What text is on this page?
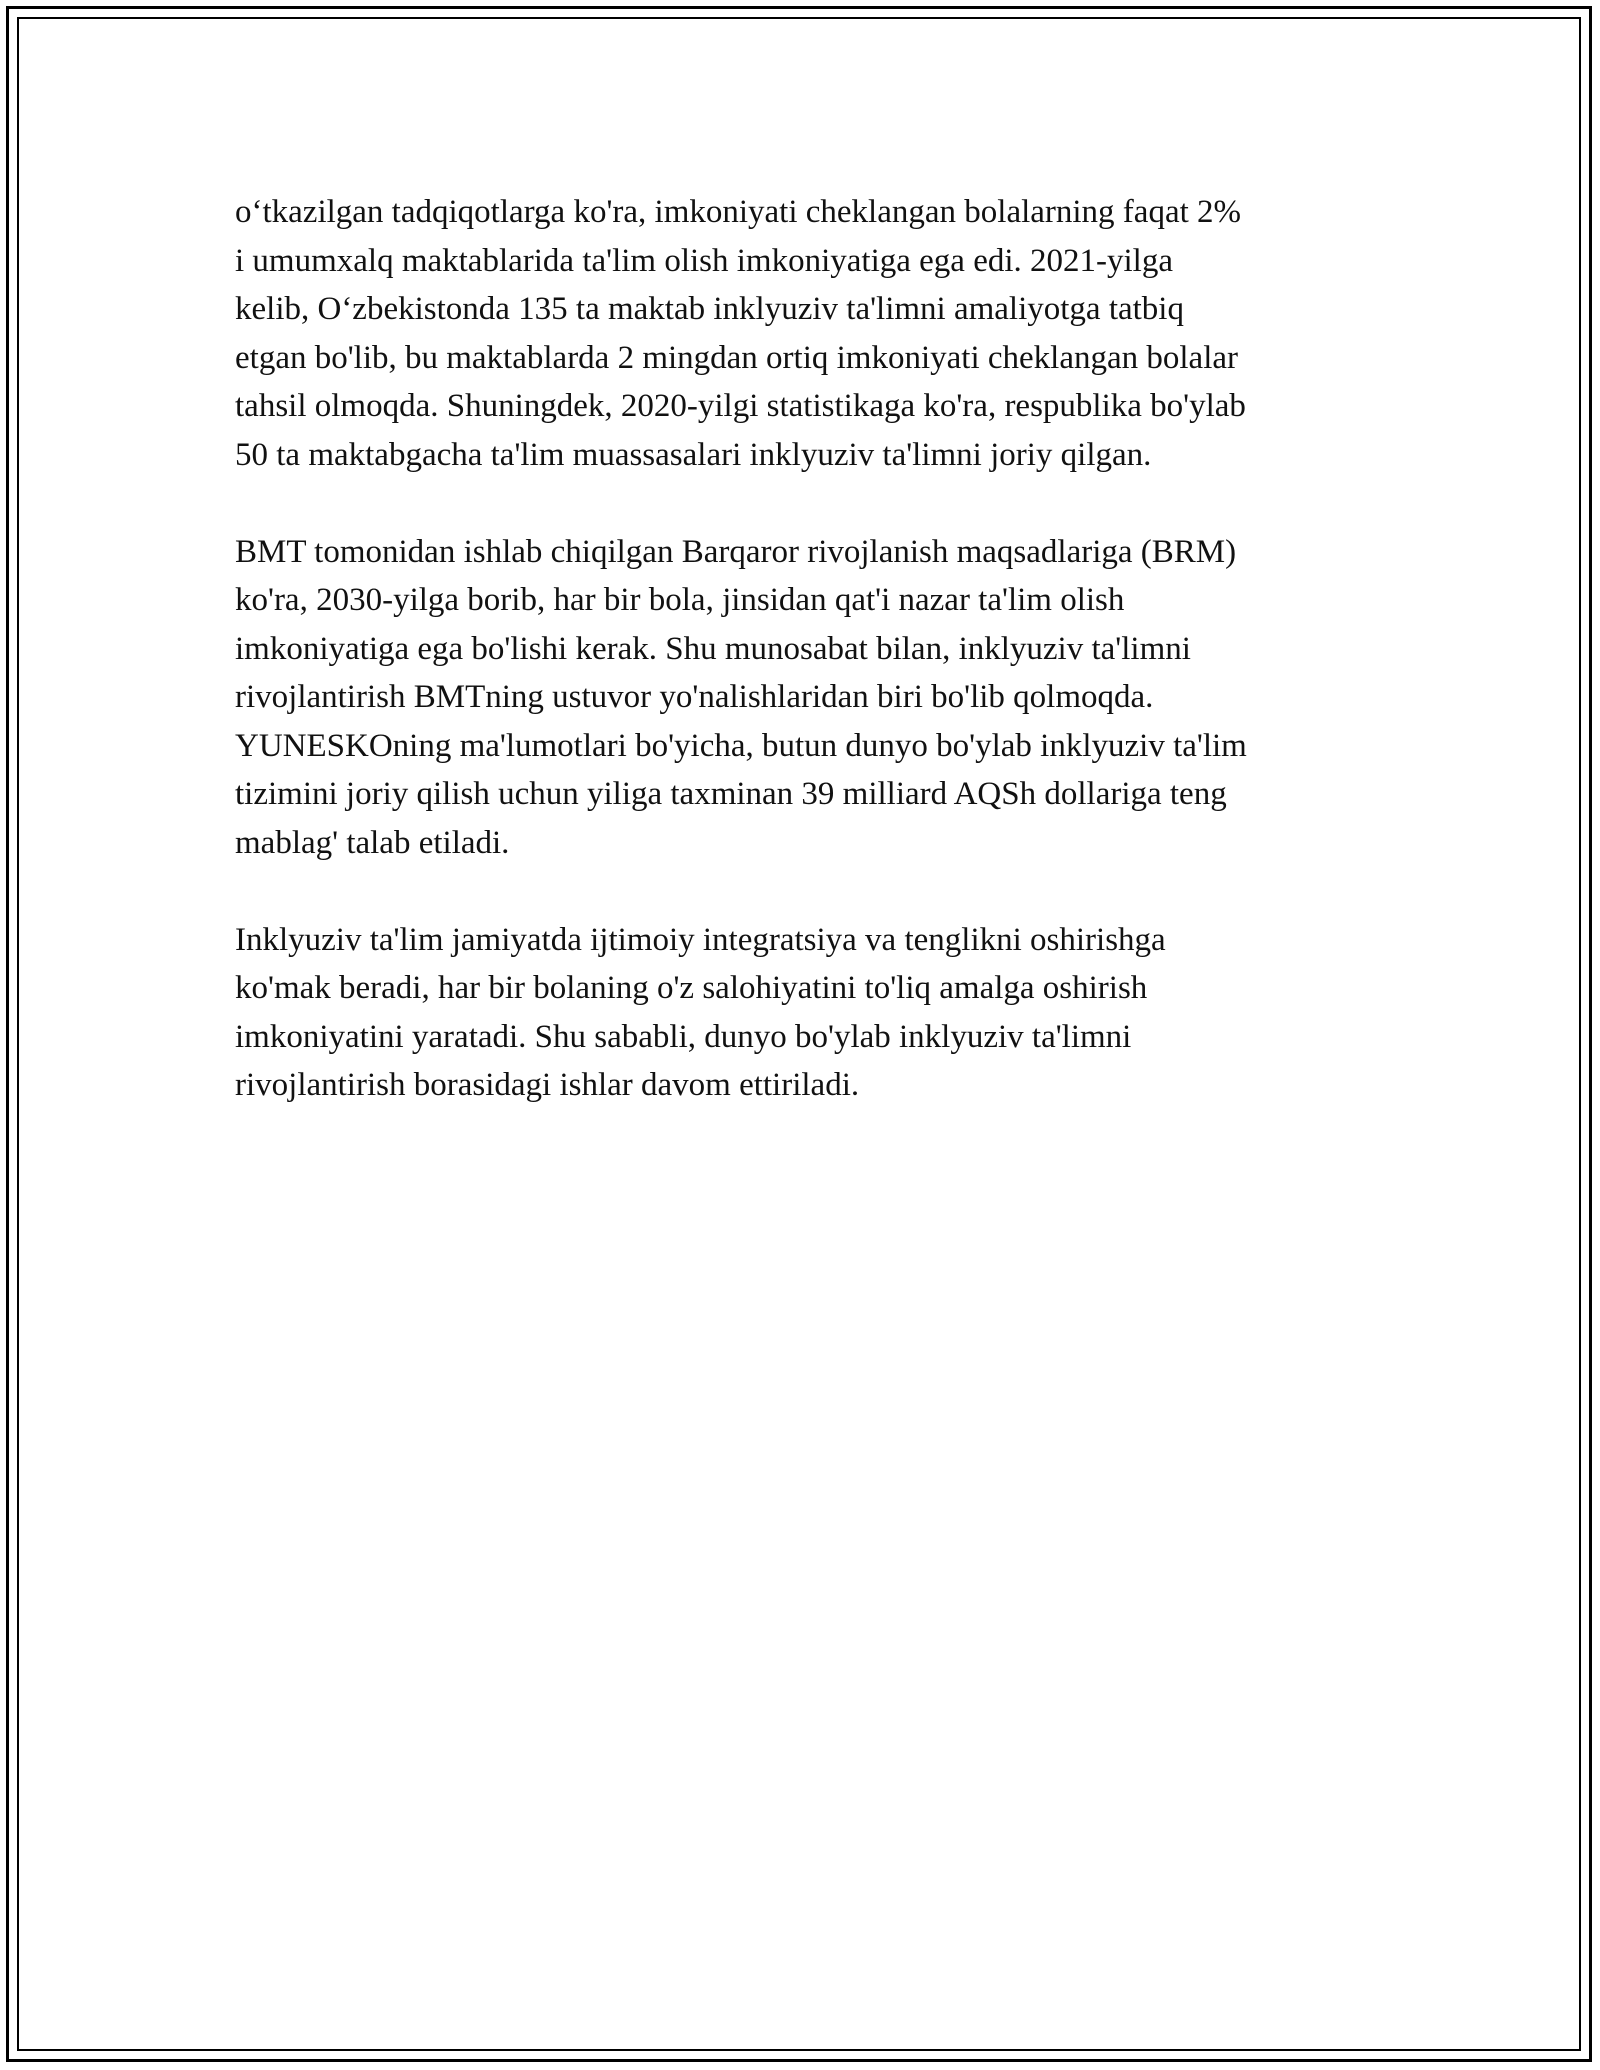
o‘tkazilgan tadqiqotlarga ko'ra, imkoniyati cheklangan bolalarning faqat 2%
i umumxalq maktablarida ta'lim olish imkoniyatiga ega edi. 2021-yilga
kelib, O‘zbekistonda 135 ta maktab inklyuziv ta'limni amaliyotga tatbiq
etgan bo'lib, bu maktablarda 2 mingdan ortiq imkoniyati cheklangan bolalar
tahsil olmoqda. Shuningdek, 2020-yilgi statistikaga ko'ra, respublika bo'ylab
50 ta maktabgacha ta'lim muassasalari inklyuziv ta'limni joriy qilgan.

BMT tomonidan ishlab chiqilgan Barqaror rivojlanish maqsadlariga (BRM)
ko'ra, 2030-yilga borib, har bir bola, jinsidan qat'i nazar ta'lim olish
imkoniyatiga ega bo'lishi kerak. Shu munosabat bilan, inklyuziv ta'limni
rivojlantirish BMTning ustuvor yo'nalishlaridan biri bo'lib qolmoqda.
YUNESKOning ma'lumotlari bo'yicha, butun dunyo bo'ylab inklyuziv ta'lim
tizimini joriy qilish uchun yiliga taxminan 39 milliard AQSh dollariga teng
mablag' talab etiladi.

Inklyuziv ta'lim jamiyatda ijtimoiy integratsiya va tenglikni oshirishga
ko'mak beradi, har bir bolaning o'z salohiyatini to'liq amalga oshirish
imkoniyatini yaratadi. Shu sababli, dunyo bo'ylab inklyuziv ta'limni
rivojlantirish borasidagi ishlar davom ettiriladi.
